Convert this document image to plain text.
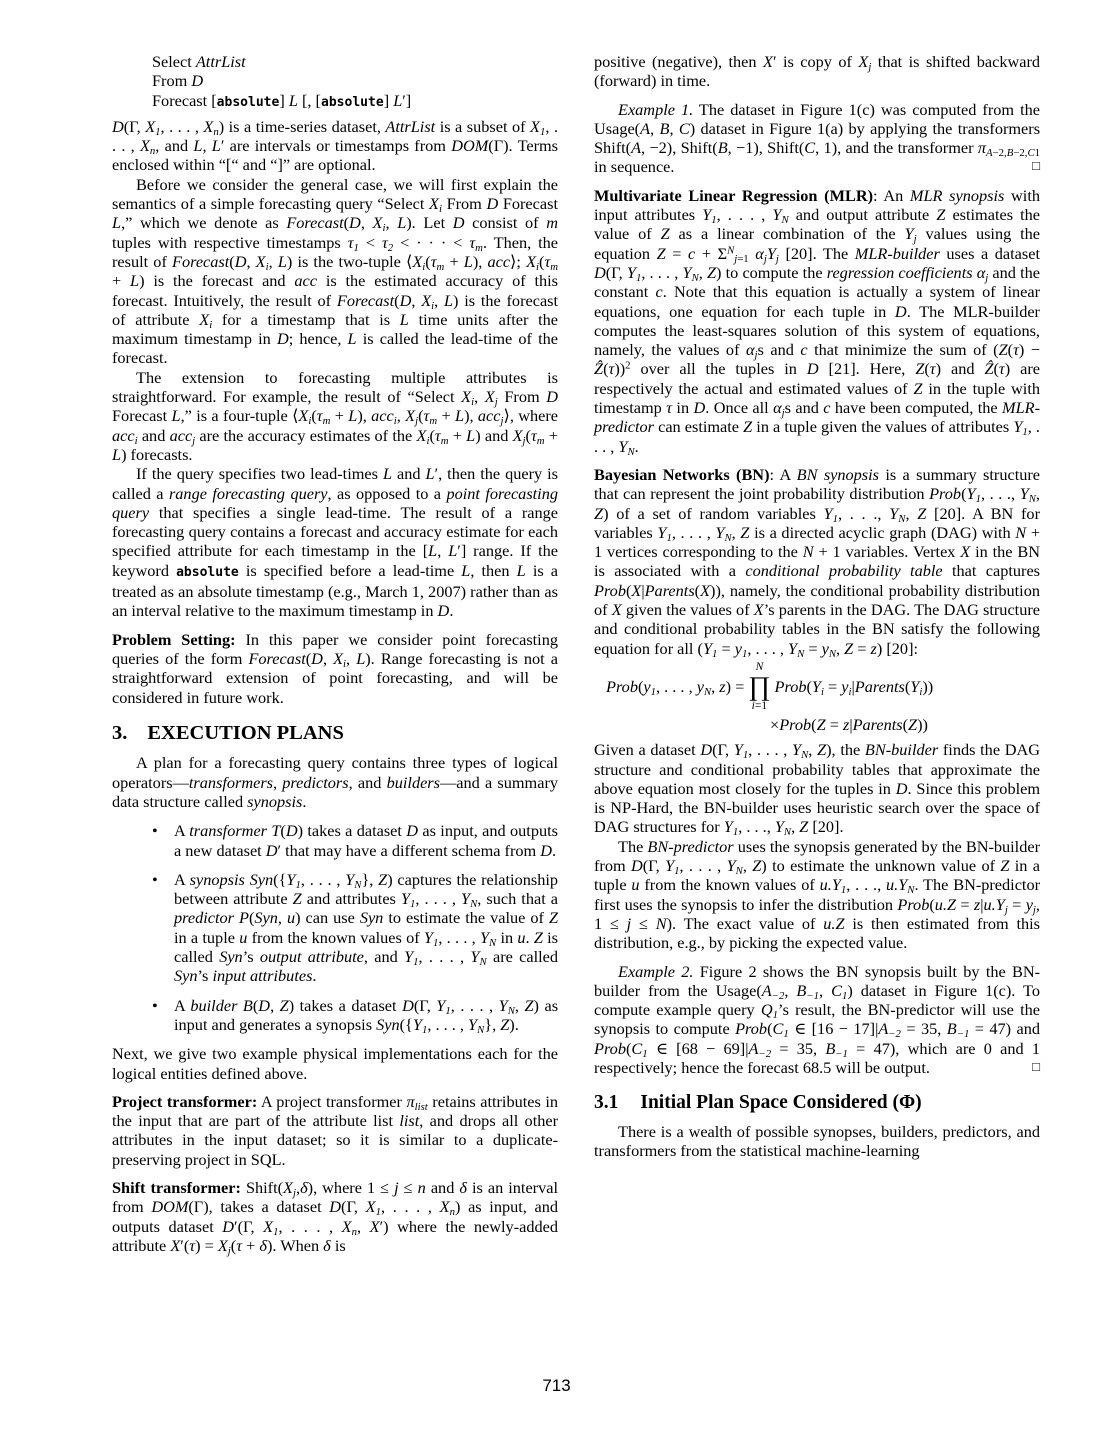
Select AttrList
From D
Forecast [absolute] L [, [absolute] L′]

D(Γ, $X_1$, . . . , $X_n$) is a time-series dataset, AttrList is a subset of $X_1$, . . . , $X_n$, and L, L′ are intervals or timestamps from DOM(Γ). Terms enclosed within “[“ and “]” are optional.

Before we consider the general case, we will first explain the semantics of a simple forecasting query “Select $X_i$ From D Forecast L,” which we denote as Forecast(D, $X_i$, L). Let D consist of m tuples with respective timestamps $\tau_1 < \tau_2$ < · · · < $\tau_m$. Then, the result of Forecast(D, $X_i$, L) is the two-tuple $⟨X_i(\tau_m + L)$, acc⟩; $X_i(\tau_m + L)$ is the forecast and acc is the estimated accuracy of this forecast. Intuitively, the result of Forecast(D, $X_i$, L) is the forecast of attribute $X_i$ for a timestamp that is L time units after the maximum timestamp in D; hence, L is called the lead-time of the forecast.

The extension to forecasting multiple attributes is straightforward. For example, the result of “Select $X_i$, $X_j$ From D Forecast L,” is a four-tuple $⟨X_i(\tau_m + L)$, acc$_i$, $X_j(\tau_m + L)$, acc$_j$⟩, where acc$_i$ and acc$_j$ are the accuracy estimates of the $X_i(\tau_m + L)$ and $X_j(\tau_m + L)$ forecasts.

If the query specifies two lead-times L and L′, then the query is called a range forecasting query, as opposed to a point forecasting query that specifies a single lead-time. The result of a range forecasting query contains a forecast and accuracy estimate for each specified attribute for each timestamp in the [L, L′] range. If the keyword absolute is specified before a lead-time L, then L is a treated as an absolute timestamp (e.g., March 1, 2007) rather than as an interval relative to the maximum timestamp in D.

Problem Setting: In this paper we consider point forecasting queries of the form Forecast(D, $X_i$, L). Range forecasting is not a straightforward extension of point forecasting, and will be considered in future work.

3. EXECUTION PLANS

A plan for a forecasting query contains three types of logical operators—transformers, predictors, and builders—and a summary data structure called synopsis.

• A transformer T(D) takes a dataset D as input, and outputs a new dataset D′ that may have a different schema from D.
• A synopsis $Syn(\{Y_1$, . . . , $Y_N$}, Z) captures the relationship between attribute Z and attributes $Y_1$, . . . , $Y_N$, such that a predictor P(Syn, u) can use Syn to estimate the value of Z in a tuple u from the known values of $Y_1$, . . . , $Y_N$ in u. Z is called Syn’s output attribute, and $Y_1$, . . . , $Y_N$ are called Syn’s input attributes.
• A builder B(D, Z) takes a dataset D(Γ, $Y_1$, . . . , $Y_N$, Z) as input and generates a synopsis $Syn(\{Y_1$, . . . , $Y_N$}, Z).

Next, we give two example physical implementations each for the logical entities defined above.

Project transformer: A project transformer $\pi_{list}$ retains attributes in the input that are part of the attribute list list, and drops all other attributes in the input dataset; so it is similar to a duplicate-preserving project in SQL.

Shift transformer: $Shift(X_j,\delta)$, where 1 ≤ j ≤ n and δ is an interval from DOM(Γ), takes a dataset D(Γ, $X_1$, . . . , $X_n$) as input, and outputs dataset D′(Γ, $X_1$, . . . , $X_n$, X′) where the newly-added attribute $X'(\tau) = X_j(\tau + \delta)$. When δ is

positive (negative), then X′ is copy of $X_j$ that is shifted backward (forward) in time.

Example 1. The dataset in Figure 1(c) was computed from the Usage(A, B, C) dataset in Figure 1(a) by applying the transformers Shift(A, −2), Shift(B, −1), Shift(C, 1), and the transformer $\pi_{A-2,B-2,C1}$ in sequence.	□

Multivariate Linear Regression (MLR): An MLR synopsis with input attributes $Y_1$, . . . , $Y_N$ and output attribute Z estimates the value of Z as a linear combination of the $Y_j$ values using the equation $Z = c + \Sigma^N_{j=1}$ $\alpha_jY_j$ [20]. The MLR-builder uses a dataset D(Γ, $Y_1$, . . . , $Y_N$, Z) to compute the regression coefficients $\alpha_j$ and the constant c. Note that this equation is actually a system of linear equations, one equation for each tuple in D. The MLR-builder computes the least-squares solution of this system of equations, namely, the values of $\alpha_js$ and c that minimize the sum of (Z(τ) − Ẑ(τ))$^2$ over all the tuples in D [21]. Here, Z(τ) and Ẑ(τ) are respectively the actual and estimated values of Z in the tuple with timestamp τ in D. Once all $\alpha_js$ and c have been computed, the MLR-predictor can estimate Z in a tuple given the values of attributes $Y_1$, . . . , $Y_N$.

Bayesian Networks (BN): A BN synopsis is a summary structure that can represent the joint probability distribution $Prob(Y_1$, . . ., $Y_N$, Z) of a set of random variables $Y_1$, . . ., $Y_N$, Z [20]. A BN for variables $Y_1$, . . . , $Y_N$, Z is a directed acyclic graph (DAG) with N + 1 vertices corresponding to the N + 1 variables. Vertex X in the BN is associated with a conditional probability table that captures Prob(X|Parents(X)), namely, the conditional probability distribution of X given the values of X’s parents in the DAG. The DAG structure and conditional probability tables in the BN satisfy the following equation for all ($Y_1 = y_1$, . . . , $Y_N = y_N$, Z = z) [20]:

$Prob(y_1$, . . . , $y_N$, z) =
N
∏
i=1
$Prob(Y_i$ = $y_i|Parents(Y_i)$)
×Prob(Z = z|Parents(Z))

Given a dataset D(Γ, $Y_1$, . . . , $Y_N$, Z), the BN-builder finds the DAG structure and conditional probability tables that approximate the above equation most closely for the tuples in D. Since this problem is NP-Hard, the BN-builder uses heuristic search over the space of DAG structures for $Y_1$, . . ., $Y_N$, Z [20].

The BN-predictor uses the synopsis generated by the BN-builder from D(Γ, $Y_1$, . . . , $Y_N$, Z) to estimate the unknown value of Z in a tuple u from the known values of $u.Y_1$, . . ., $u.Y_N$. The BN-predictor first uses the synopsis to infer the distribution Prob(u.Z = $z|u.Y_j = y_j$, 1 ≤ j ≤ N). The exact value of u.Z is then estimated from this distribution, e.g., by picking the expected value.

Example 2. Figure 2 shows the BN synopsis built by the BN-builder from the $Usage(A_{-2}$, $B_{-1}$, $C_1$) dataset in Figure 1(c). To compute example query $Q_1’s$ result, the BN-predictor will use the synopsis to compute $Prob(C_1$ ∈ $[16 - 17]|A_{-2} = 35$, $B_{-1} = 47$) and $Prob(C_1$ ∈ $[68 - 69]|A_{-2} = 35$, $B_{-1} = 47$), which are 0 and 1 respectively; hence the forecast 68.5 will be output.	□

3.1 Initial Plan Space Considered (Φ)

There is a wealth of possible synopses, builders, predictors, and transformers from the statistical machine-learning

713
